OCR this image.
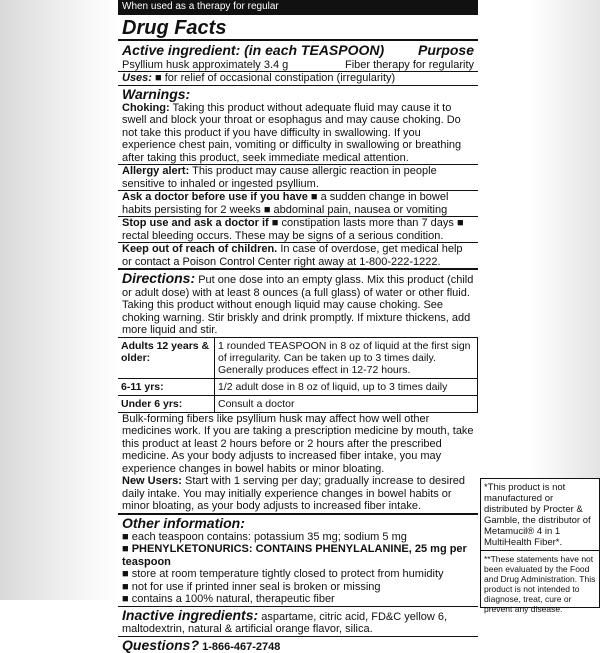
When used as a therapy for regular
Drug Facts
Active ingredient: (in each TEASPOON) Purpose
Psyllium husk approximately 3.4 g	Fiber therapy for regularity
Uses: ■ for relief of occasional constipation (irregularity)
Warnings:
Choking: Taking this product without adequate fluid may cause it to swell and block your throat or esophagus and may cause choking. Do not take this product if you have difficulty in swallowing. If you experience chest pain, vomiting or difficulty in swallowing or breathing after taking this product, seek immediate medical attention.
Allergy alert: This product may cause allergic reaction in people sensitive to inhaled or ingested psyllium.
Ask a doctor before use if you have ■ a sudden change in bowel habits persisting for 2 weeks ■ abdominal pain, nausea or vomiting
Stop use and ask a doctor if ■ constipation lasts more than 7 days ■ rectal bleeding occurs. These may be signs of a serious condition.
Keep out of reach of children. In case of overdose, get medical help or contact a Poison Control Center right away at 1-800-222-1222.
Directions: Put one dose into an empty glass. Mix this product (child or adult dose) with at least 8 ounces (a full glass) of water or other fluid. Taking this product without enough liquid may cause choking. See choking warning. Stir briskly and drink promptly. If mixture thickens, add more liquid and stir.
Adults 12 years & older:	1 rounded TEASPOON in 8 oz of liquid at the first sign of irregularity. Can be taken up to 3 times daily. Generally produces effect in 12-72 hours.
6-11 yrs:	1/2 adult dose in 8 oz of liquid, up to 3 times daily
Under 6 yrs:	Consult a doctor
Bulk-forming fibers like psyllium husk may affect how well other medicines work. If you are taking a prescription medicine by mouth, take this product at least 2 hours before or 2 hours after the prescribed medicine. As your body adjusts to increased fiber intake, you may experience changes in bowel habits or minor bloating.
New Users: Start with 1 serving per day; gradually increase to desired daily intake. You may initially experience changes in bowel habits or minor bloating, as your body adjusts to increased fiber intake.
Other information:
■ each teaspoon contains: potassium 35 mg; sodium 5 mg
■ PHENYLKETONURICS: CONTAINS PHENYLALANINE, 25 mg per teaspoon
■ store at room temperature tightly closed to protect from humidity
■ not for use if printed inner seal is broken or missing
■ contains a 100% natural, therapeutic fiber
Inactive ingredients: aspartame, citric acid, FD&C yellow 6, maltodextrin, natural & artificial orange flavor, silica.
Questions? 1-866-467-2748
*This product is not manufactured or distributed by Procter & Gamble, the distributor of Metamucil® 4 in 1 MultiHealth Fiber*.
**These statements have not been evaluated by the Food and Drug Administration. This product is not intended to diagnose, treat, cure or prevent any disease.
